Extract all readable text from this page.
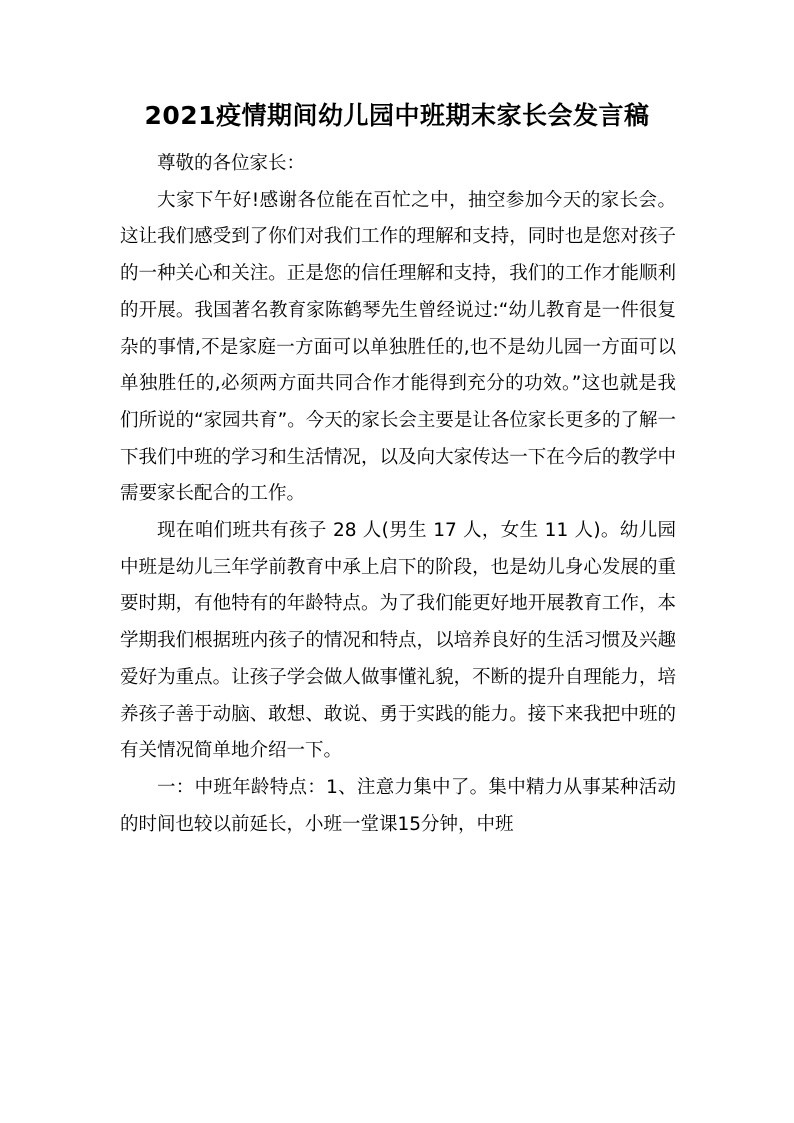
2021疫情期间幼儿园中班期末家长会发言稿

尊敬的各位家长：

大家下午好!感谢各位能在百忙之中，抽空参加今天的家长会。这让我们感受到了你们对我们工作的理解和支持，同时也是您对孩子的一种关心和关注。正是您的信任理解和支持，我们的工作才能顺利的开展。我国著名教育家陈鹤琴先生曾经说过:“幼儿教育是一件很复杂的事情,不是家庭一方面可以单独胜任的,也不是幼儿园一方面可以单独胜任的,必须两方面共同合作才能得到充分的功效。”这也就是我们所说的“家园共育”。今天的家长会主要是让各位家长更多的了解一下我们中班的学习和生活情况，以及向大家传达一下在今后的教学中需要家长配合的工作。

现在咱们班共有孩子 28 人(男生 17 人，女生 11 人)。幼儿园中班是幼儿三年学前教育中承上启下的阶段，也是幼儿身心发展的重要时期，有他特有的年龄特点。为了我们能更好地开展教育工作，本学期我们根据班内孩子的情况和特点，以培养良好的生活习惯及兴趣爱好为重点。让孩子学会做人做事懂礼貌，不断的提升自理能力，培养孩子善于动脑、敢想、敢说、勇于实践的能力。接下来我把中班的有关情况简单地介绍一下。

一：中班年龄特点：1、注意力集中了。集中精力从事某种活动的时间也较以前延长，小班一堂课15分钟，中班
